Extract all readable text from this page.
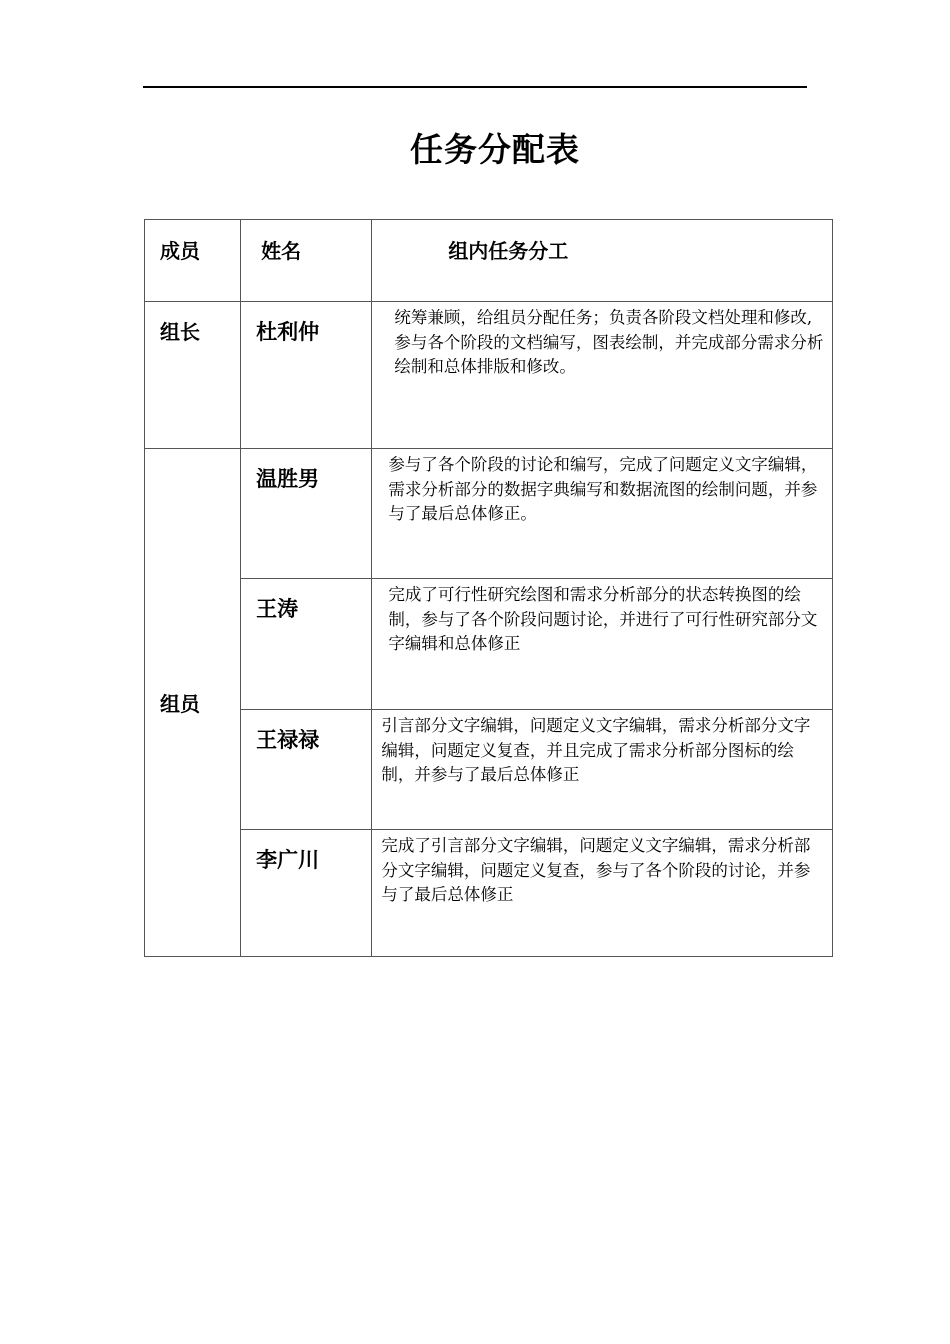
任务分配表
成员	姓名	组内任务分工
组长	杜利仲	统筹兼顾，给组员分配任务；负责各阶段文档处理和修改,参与各个阶段的文档编写，图表绘制，并完成部分需求分析绘制和总体排版和修改。
组员	温胜男	参与了各个阶段的讨论和编写，完成了问题定义文字编辑，需求分析部分的数据字典编写和数据流图的绘制问题，并参与了最后总体修正。
	王涛	完成了可行性研究绘图和需求分析部分的状态转换图的绘制，参与了各个阶段问题讨论，并进行了可行性研究部分文字编辑和总体修正
	王禄禄	引言部分文字编辑，问题定义文字编辑，需求分析部分文字编辑，问题定义复查，并且完成了需求分析部分图标的绘制，并参与了最后总体修正
	李广川	完成了引言部分文字编辑，问题定义文字编辑，需求分析部分文字编辑，问题定义复查，参与了各个阶段的讨论，并参与了最后总体修正
